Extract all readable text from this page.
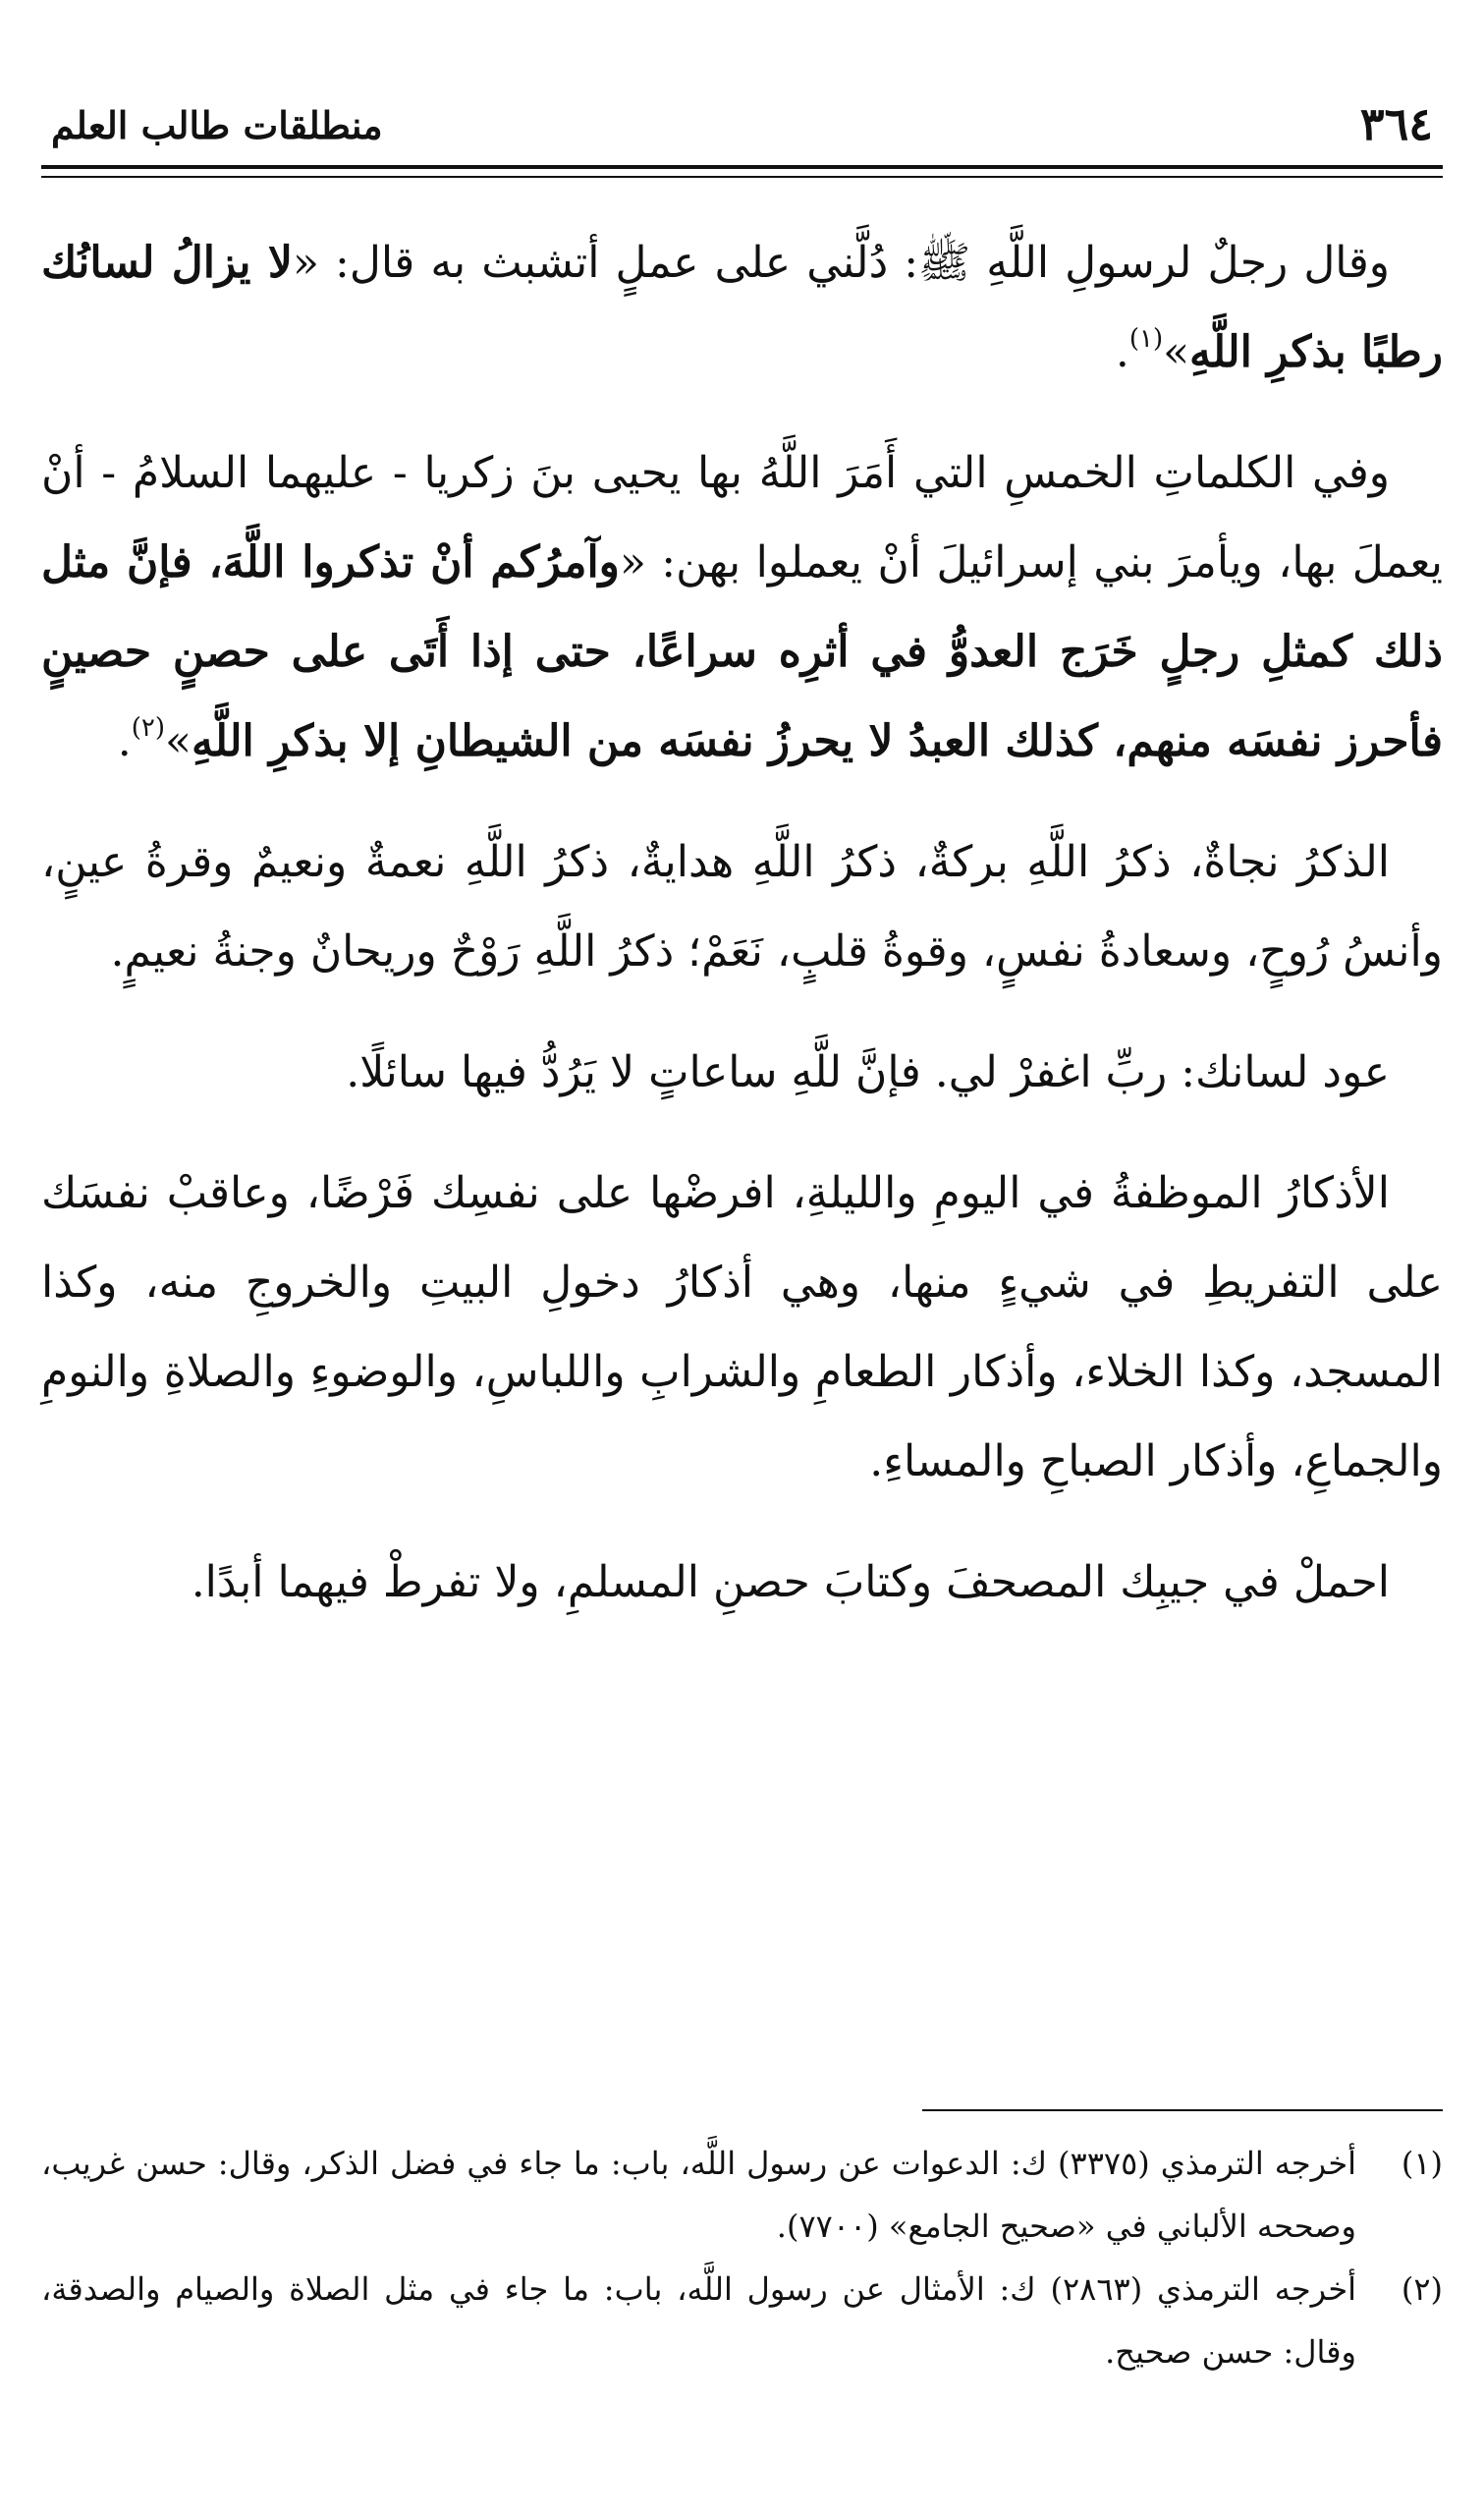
٣٦٤
منطلقات طالب العلم

وقال رجلٌ لرسولِ اللَّهِ ﷺ: دُلَّني على عملٍ أتشبث به قال: «لا يزالُ لسانُك رطبًا بذكرِ اللَّهِ»$^{(١)}$.

وفي الكلماتِ الخمسِ التي أَمَرَ اللَّهُ بها يحيى بنَ زكريا - عليهما السلامُ - أنْ يعملَ بها، ويأمرَ بني إسرائيلَ أنْ يعملوا بهن: «وآمرُكم أنْ تذكروا اللَّهَ، فإنَّ مثل ذلك كمثلِ رجلٍ خَرَج العدوُّ في أثرِه سراعًا، حتى إذا أَتَى على حصنٍ حصينٍ فأحرز نفسَه منهم، كذلك العبدُ لا يحرزُ نفسَه من الشيطانِ إلا بذكرِ اللَّهِ»$^{(٢)}$.

الذكرُ نجاةٌ، ذكرُ اللَّهِ بركةٌ، ذكرُ اللَّهِ هدايةٌ، ذكرُ اللَّهِ نعمةٌ ونعيمٌ وقرةُ عينٍ، وأنسُ رُوحٍ، وسعادةُ نفسٍ، وقوةُ قلبٍ، نَعَمْ؛ ذكرُ اللَّهِ رَوْحٌ وريحانٌ وجنةُ نعيمٍ.

عود لسانك: ربِّ اغفرْ لي. فإنَّ للَّهِ ساعاتٍ لا يَرُدُّ فيها سائلًا.

الأذكارُ الموظفةُ في اليومِ والليلةِ، افرضْها على نفسِك فَرْضًا، وعاقبْ نفسَك على التفريطِ في شيءٍ منها، وهي أذكارُ دخولِ البيتِ والخروجِ منه، وكذا المسجد، وكذا الخلاء، وأذكار الطعامِ والشرابِ واللباسِ، والوضوءِ والصلاةِ والنومِ والجماعِ، وأذكار الصباحِ والمساءِ.

احملْ في جيبِك المصحفَ وكتابَ حصنِ المسلمِ، ولا تفرطْ فيهما أبدًا.

(١)

أخرجه الترمذي (٣٣٧٥) ك: الدعوات عن رسول اللَّه، باب: ما جاء في فضل الذكر، وقال: حسن غريب، وصححه الألباني في «صحيح الجامع» (٧٧٠٠).

(٢)

أخرجه الترمذي (٢٨٦٣) ك: الأمثال عن رسول اللَّه، باب: ما جاء في مثل الصلاة والصيام والصدقة، وقال: حسن صحيح.
